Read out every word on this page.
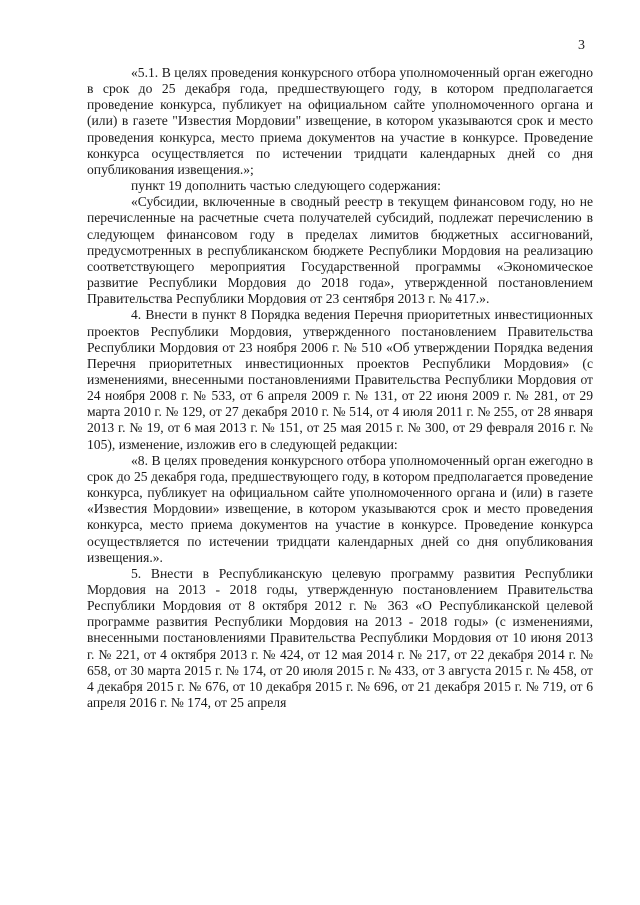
3

«5.1. В целях проведения конкурсного отбора уполномоченный орган ежегодно в срок до 25 декабря года, предшествующего году, в котором предполагается проведение конкурса, публикует на официальном сайте уполномоченного органа и (или) в газете "Известия Мордовии" извещение, в котором указываются срок и место проведения конкурса, место приема документов на участие в конкурсе. Проведение конкурса осуществляется по истечении тридцати календарных дней со дня опубликования извещения.»;

пункт 19 дополнить частью следующего содержания:

«Субсидии, включенные в сводный реестр в текущем финансовом году, но не перечисленные на расчетные счета получателей субсидий, подлежат перечислению в следующем финансовом году в пределах лимитов бюджетных ассигнований, предусмотренных в республиканском бюджете Республики Мордовия на реализацию соответствующего мероприятия Государственной программы «Экономическое развитие Республики Мордовия до 2018 года», утвержденной постановлением Правительства Республики Мордовия от 23 сентября 2013 г. № 417.».

4. Внести в пункт 8 Порядка ведения Перечня приоритетных инвестиционных проектов Республики Мордовия, утвержденного постановлением Правительства Республики Мордовия от 23 ноября 2006 г. № 510 «Об утверждении Порядка ведения Перечня приоритетных инвестиционных проектов Республики Мордовия» (с изменениями, внесенными постановлениями Правительства Республики Мордовия от 24 ноября 2008 г. № 533, от 6 апреля 2009 г. № 131, от 22 июня 2009 г. № 281, от 29 марта 2010 г. № 129, от 27 декабря 2010 г. № 514, от 4 июля 2011 г. № 255, от 28 января 2013 г. № 19, от 6 мая 2013 г. № 151, от 25 мая 2015 г. № 300, от 29 февраля 2016 г. № 105), изменение, изложив его в следующей редакции:

«8. В целях проведения конкурсного отбора уполномоченный орган ежегодно в срок до 25 декабря года, предшествующего году, в котором предполагается проведение конкурса, публикует на официальном сайте уполномоченного органа и (или) в газете «Известия Мордовии» извещение, в котором указываются срок и место проведения конкурса, место приема документов на участие в конкурсе. Проведение конкурса осуществляется по истечении тридцати календарных дней со дня опубликования извещения.».

5. Внести в Республиканскую целевую программу развития Республики Мордовия на 2013 - 2018 годы, утвержденную постановлением Правительства Республики Мордовия от 8 октября 2012 г. № 363 «О Республиканской целевой программе развития Республики Мордовия на 2013 - 2018 годы» (с изменениями, внесенными постановлениями Правительства Республики Мордовия от 10 июня 2013 г. № 221, от 4 октября 2013 г. № 424, от 12 мая 2014 г. № 217, от 22 декабря 2014 г. № 658, от 30 марта 2015 г. № 174, от 20 июля 2015 г. № 433, от 3 августа 2015 г. № 458, от 4 декабря 2015 г. № 676, от 10 декабря 2015 г. № 696, от 21 декабря 2015 г. № 719, от 6 апреля 2016 г. № 174, от 25 апреля
